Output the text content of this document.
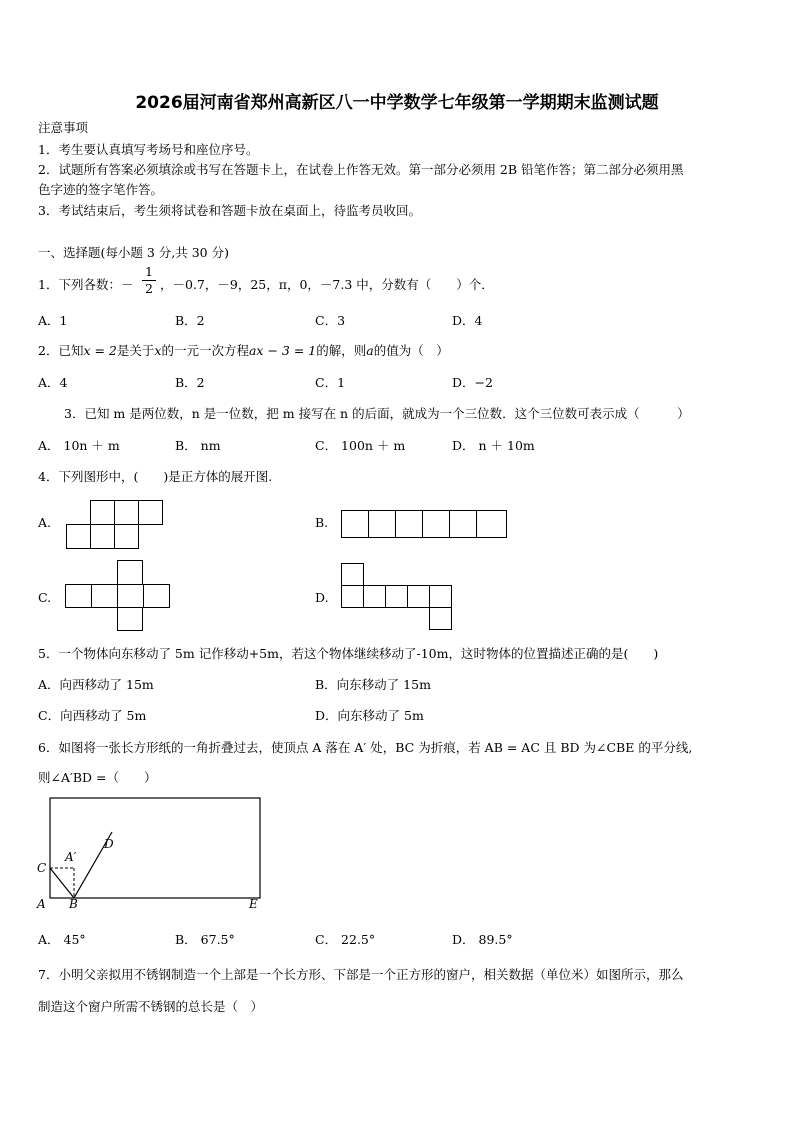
2026届河南省郑州高新区八一中学数学七年级第一学期期末监测试题
注意事项
1．考生要认真填写考场号和座位序号。
2．试题所有答案必须填涂或书写在答题卡上，在试卷上作答无效。第一部分必须用 2B 铅笔作答；第二部分必须用黑
色字迹的签字笔作答。
3．考试结束后，考生须将试卷和答题卡放在桌面上，待监考员收回。
一、选择题(每小题 3 分,共 30 分)
1．下列各数：－
1
2 ，－0.7，－9，25，π，0，－7.3 中，分数有（　　）个．
A．1	B．2	C．3	D．4
2．已知x = 2是关于x的一元一次方程ax − 3 = 1的解，则a的值为（　）
A．4	B．2	C．1	D．−2
3．已知 m 是两位数，n 是一位数，把 m 接写在 n 的后面，就成为一个三位数．这个三位数可表示成（　　　）
A． 10n ＋ m	B． nm	C． 100n ＋ m	D． n ＋ 10m
4．下列图形中，(　　)是正方体的展开图.
A.	B.
C.	D.
5．一个物体向东移动了 5m 记作移动+5m，若这个物体继续移动了-10m，这时物体的位置描述正确的是(　　)
A．向西移动了 15m	B．向东移动了 15m
C．向西移动了 5m	D．向东移动了 5m
6．如图将一张长方形纸的一角折叠过去，使顶点 A 落在 A′ 处，BC 为折痕，若 AB = AC 且 BD 为∠CBE 的平分线,
则∠A′BD =（　　）
A B
C
D
E
A′
A． 45°	B． 67.5°	C． 22.5°	D． 89.5°
7．小明父亲拟用不锈钢制造一个上部是一个长方形、下部是一个正方形的窗户，相关数据（单位米）如图所示，那么
制造这个窗户所需不锈钢的总长是（　）
